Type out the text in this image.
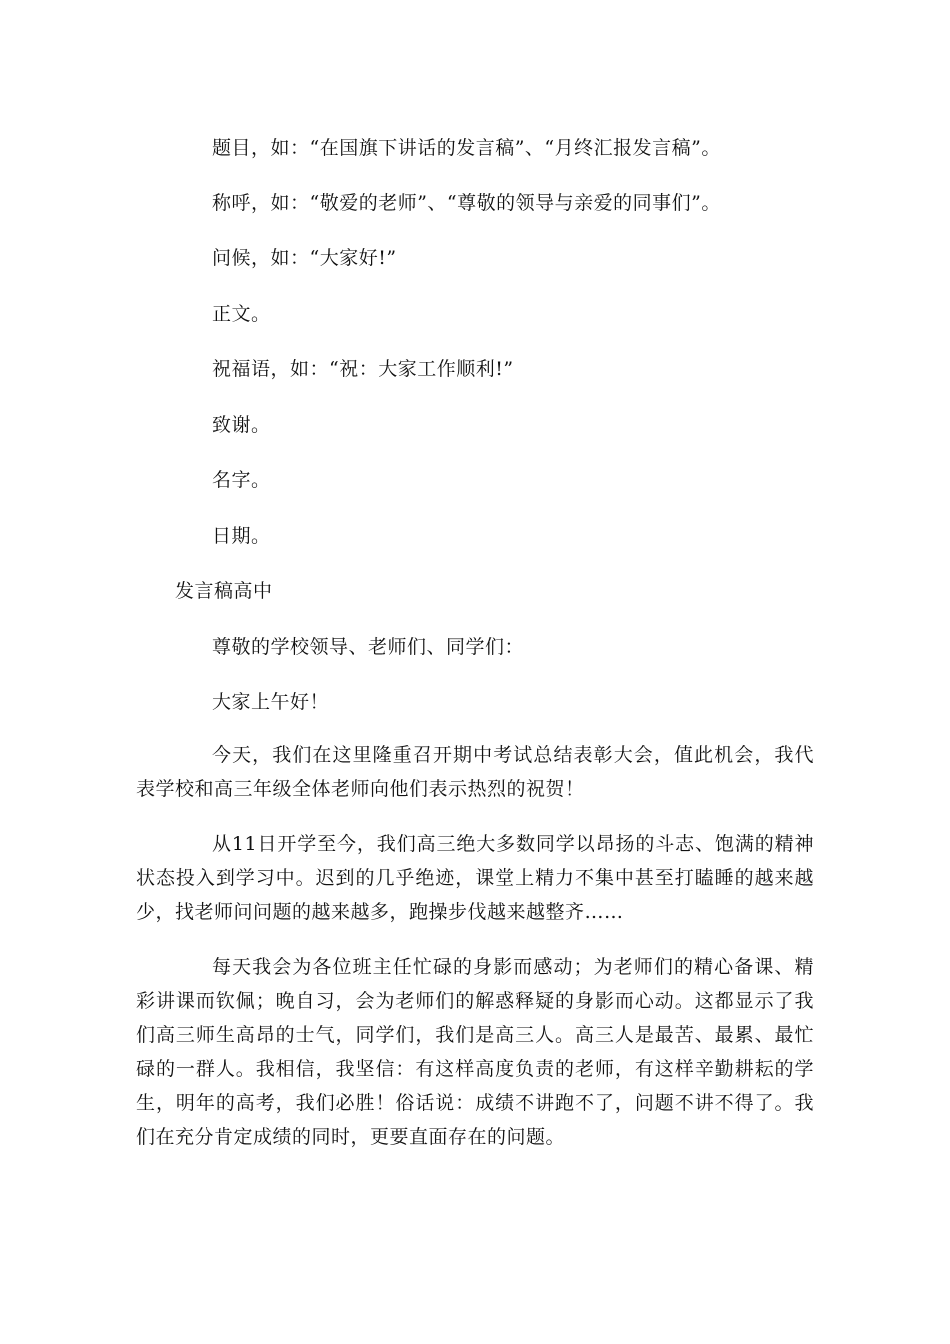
题目，如：“在国旗下讲话的发言稿”、“月终汇报发言稿”。
称呼，如：“敬爱的老师”、“尊敬的领导与亲爱的同事们”。
问候，如：“大家好!”
正文。
祝福语，如：“祝：大家工作顺利!”
致谢。
名字。
日期。
发言稿高中
尊敬的学校领导、老师们、同学们：
大家上午好！
今天，我们在这里隆重召开期中考试总结表彰大会，值此机会，我代表学校和高三年级全体老师向他们表示热烈的祝贺！
从11日开学至今，我们高三绝大多数同学以昂扬的斗志、饱满的精神状态投入到学习中。迟到的几乎绝迹，课堂上精力不集中甚至打瞌睡的越来越少，找老师问问题的越来越多，跑操步伐越来越整齐……
每天我会为各位班主任忙碌的身影而感动；为老师们的精心备课、精彩讲课而钦佩；晚自习，会为老师们的解惑释疑的身影而心动。这都显示了我们高三师生高昂的士气，同学们，我们是高三人。高三人是最苦、最累、最忙碌的一群人。我相信，我坚信：有这样高度负责的老师，有这样辛勤耕耘的学生，明年的高考，我们必胜！俗话说：成绩不讲跑不了，问题不讲不得了。我们在充分肯定成绩的同时，更要直面存在的问题。
